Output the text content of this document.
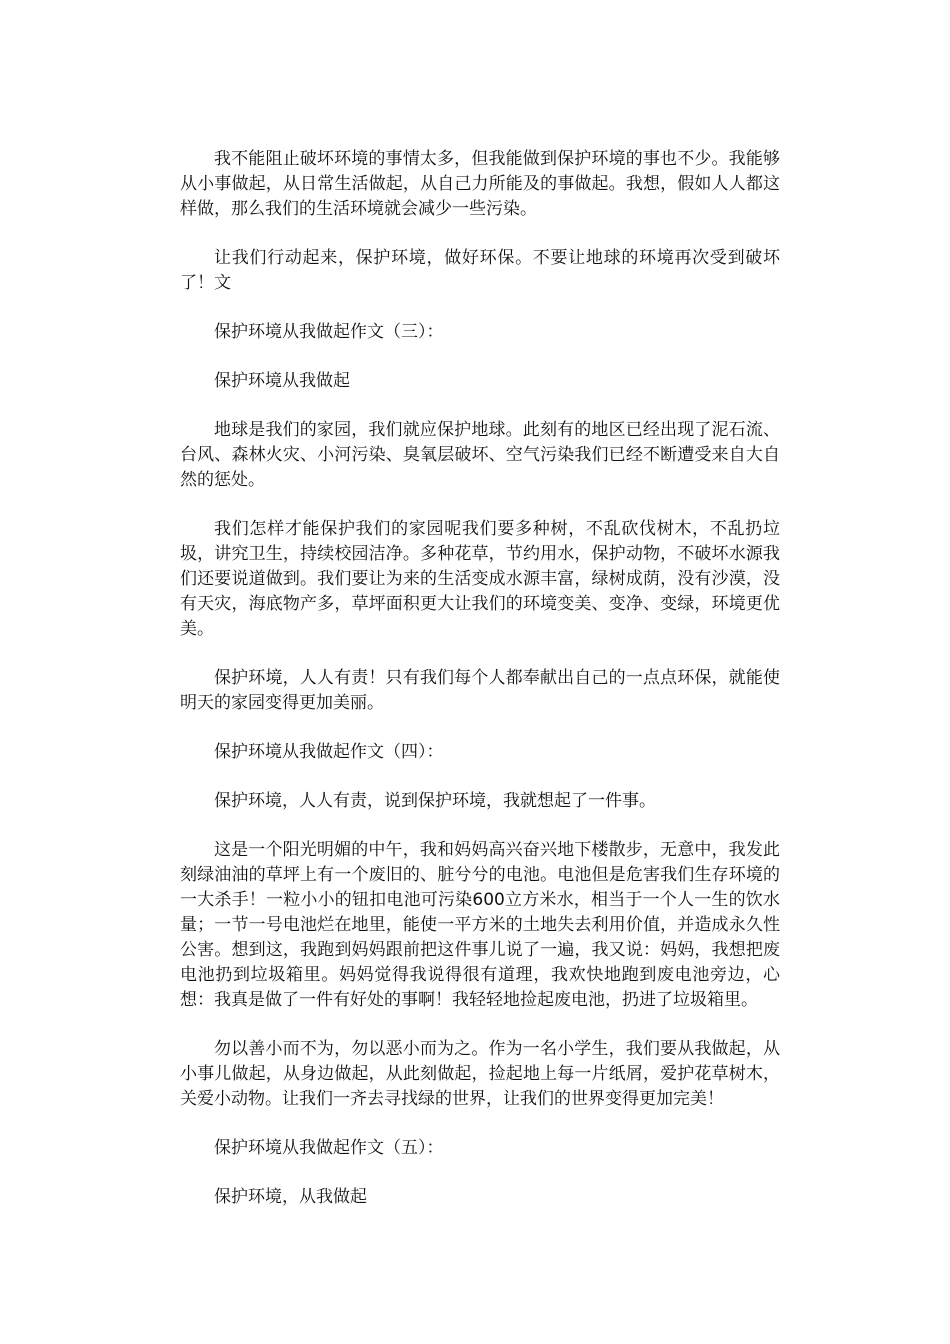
我不能阻止破坏环境的事情太多，但我能做到保护环境的事也不少。我能够从小事做起，从日常生活做起，从自己力所能及的事做起。我想，假如人人都这样做，那么我们的生活环境就会减少一些污染。

让我们行动起来，保护环境，做好环保。不要让地球的环境再次受到破坏了！文

保护环境从我做起作文（三）：

保护环境从我做起

地球是我们的家园，我们就应保护地球。此刻有的地区已经出现了泥石流、台风、森林火灾、小河污染、臭氧层破坏、空气污染我们已经不断遭受来自大自然的惩处。

我们怎样才能保护我们的家园呢我们要多种树，不乱砍伐树木，不乱扔垃圾，讲究卫生，持续校园洁净。多种花草，节约用水，保护动物，不破坏水源我们还要说道做到。我们要让为来的生活变成水源丰富，绿树成荫，没有沙漠，没有天灾，海底物产多，草坪面积更大让我们的环境变美、变净、变绿，环境更优美。

保护环境，人人有责！只有我们每个人都奉献出自己的一点点环保，就能使明天的家园变得更加美丽。

保护环境从我做起作文（四）：

保护环境，人人有责，说到保护环境，我就想起了一件事。

这是一个阳光明媚的中午，我和妈妈高兴奋兴地下楼散步，无意中，我发此刻绿油油的草坪上有一个废旧的、脏兮兮的电池。电池但是危害我们生存环境的一大杀手！一粒小小的钮扣电池可污染600立方米水，相当于一个人一生的饮水量；一节一号电池烂在地里，能使一平方米的土地失去利用价值，并造成永久性公害。想到这，我跑到妈妈跟前把这件事儿说了一遍，我又说：妈妈，我想把废电池扔到垃圾箱里。妈妈觉得我说得很有道理，我欢快地跑到废电池旁边，心想：我真是做了一件有好处的事啊！我轻轻地捡起废电池，扔进了垃圾箱里。

勿以善小而不为，勿以恶小而为之。作为一名小学生，我们要从我做起，从小事儿做起，从身边做起，从此刻做起，捡起地上每一片纸屑，爱护花草树木，关爱小动物。让我们一齐去寻找绿的世界，让我们的世界变得更加完美！

保护环境从我做起作文（五）：

保护环境，从我做起
